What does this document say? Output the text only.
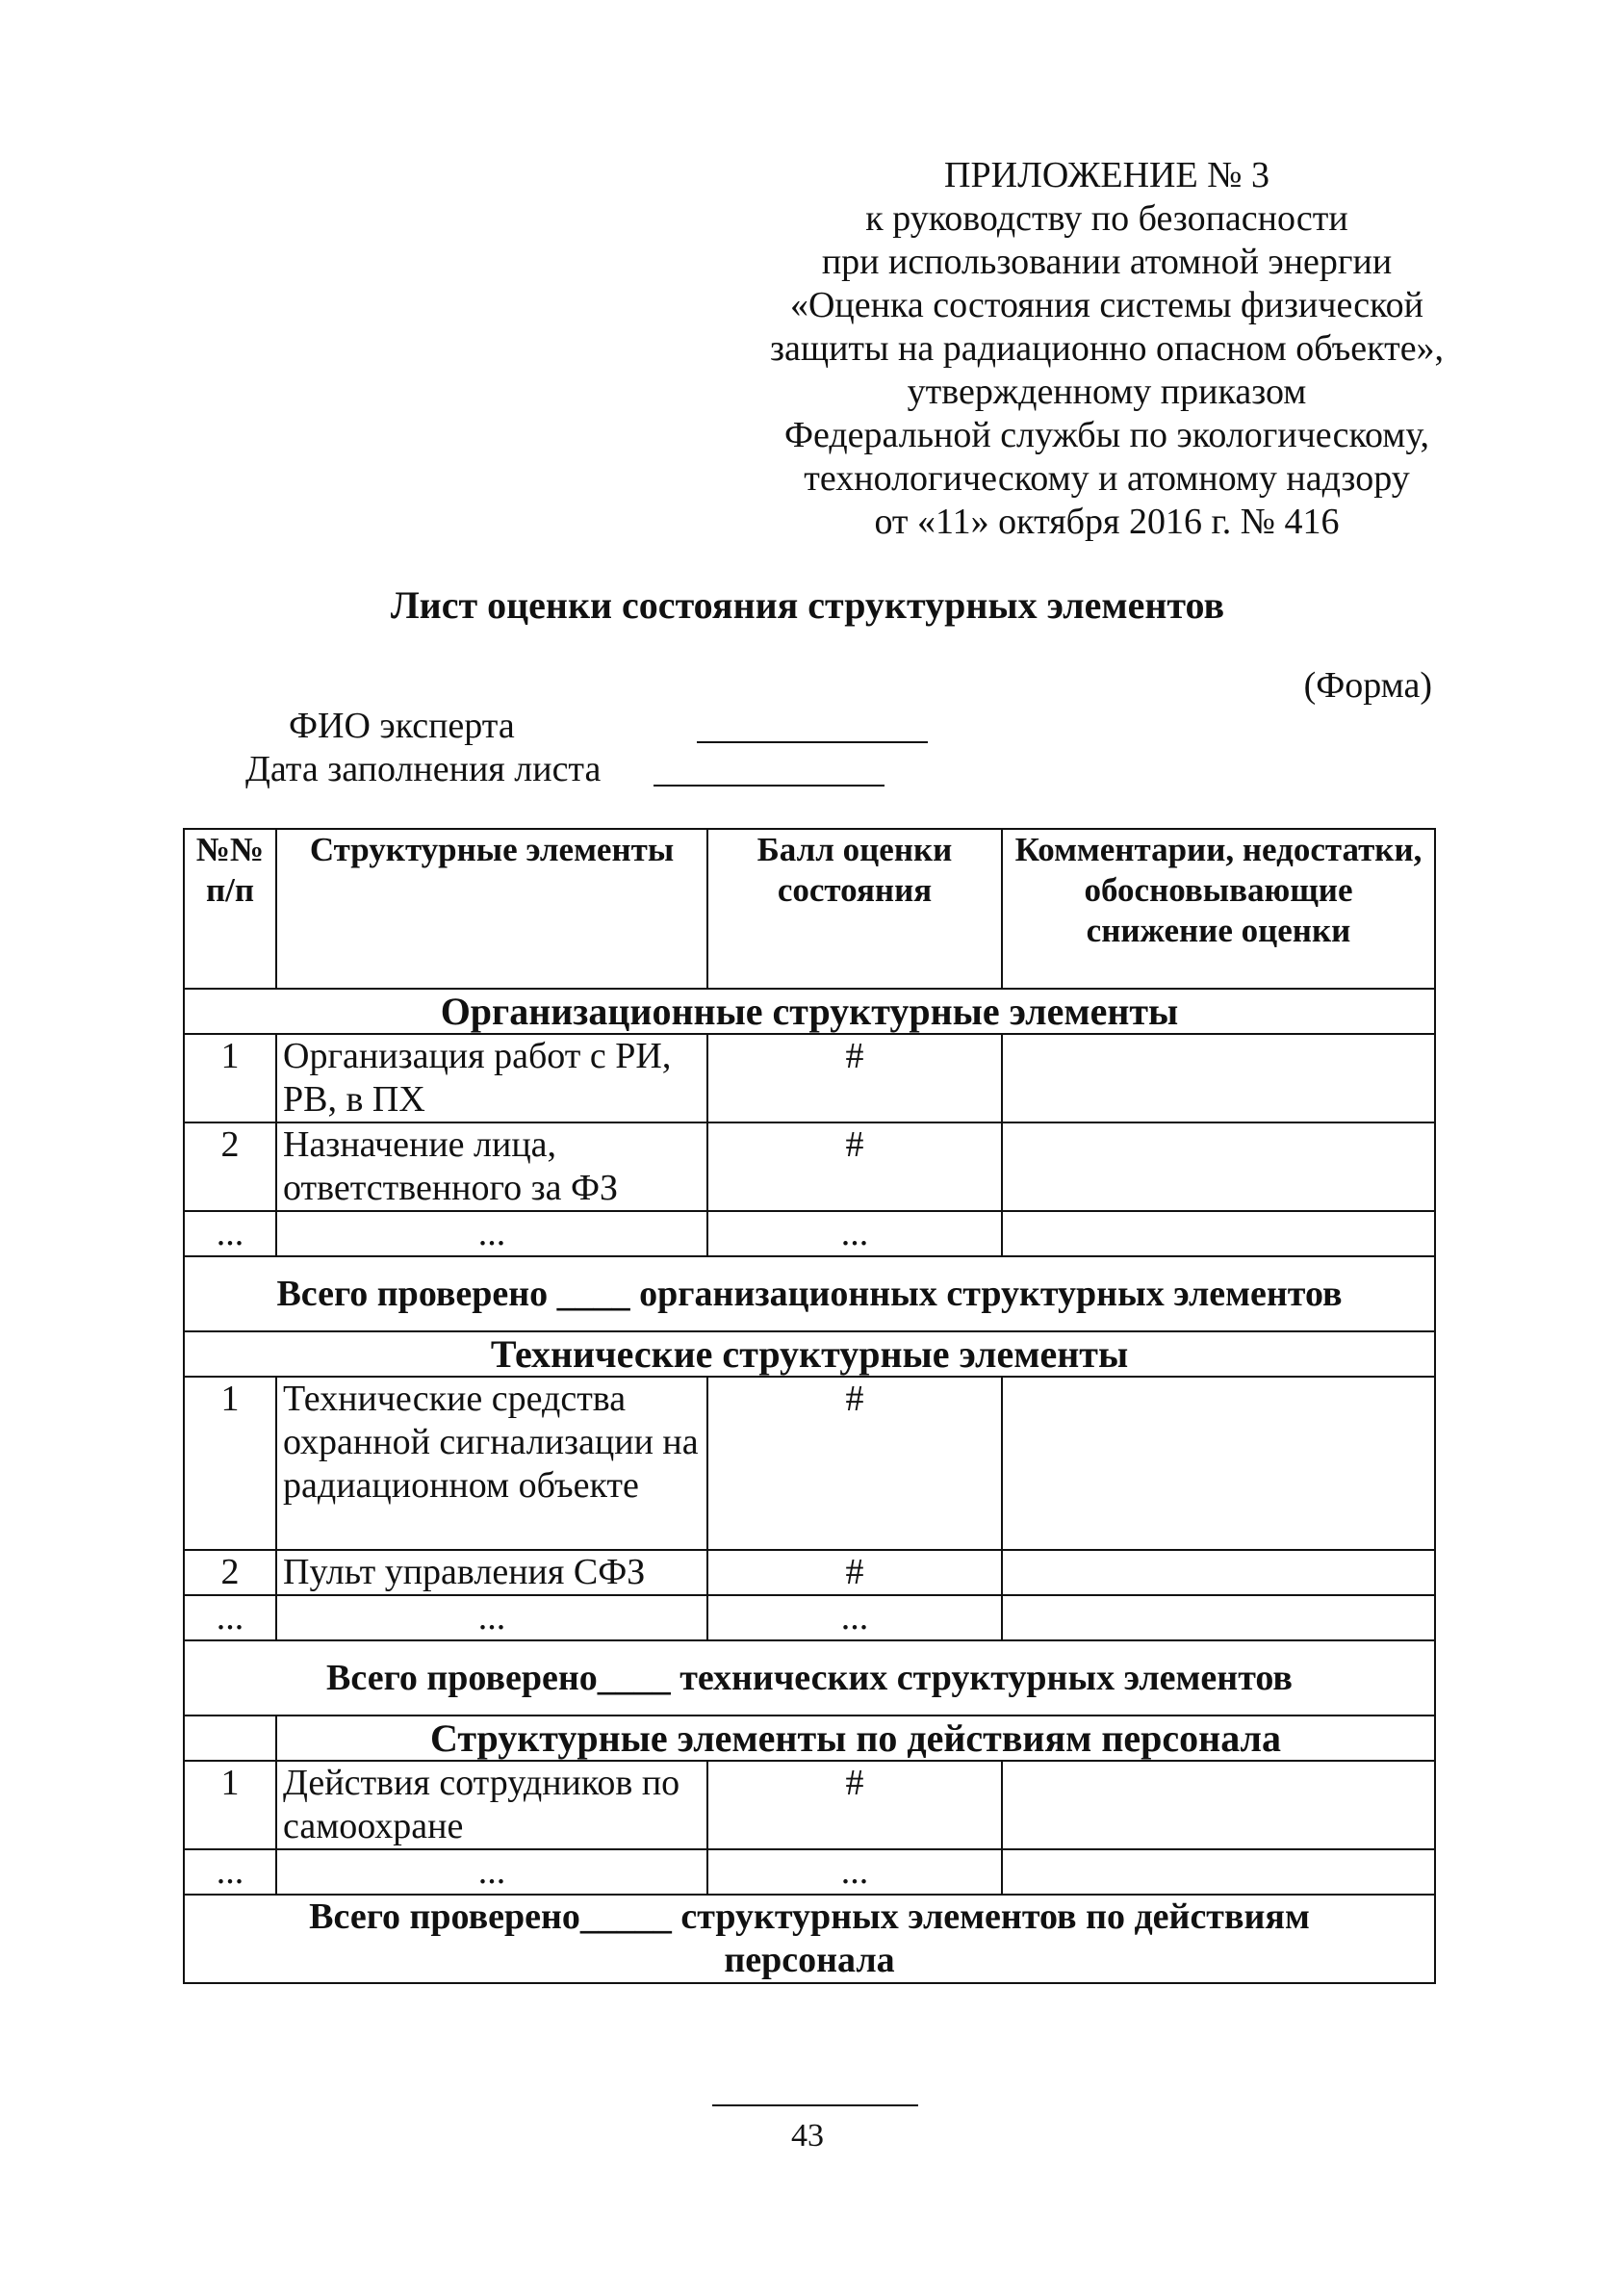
ПРИЛОЖЕНИЕ № 3
к руководству по безопасности
при использовании атомной энергии
«Оценка состояния системы физической
защиты на радиационно опасном объекте»,
утвержденному приказом
Федеральной службы по экологическому,
технологическому и атомному надзору
от «11» октября 2016 г. № 416
Лист оценки состояния структурных элементов
(Форма)
ФИО эксперта
Дата заполнения листа
№№ п/п	Структурные элементы	Балл оценки состояния	Комментарии, недостатки, обосновывающие снижение оценки
Организационные структурные элементы			
1	Организация работ с РИ, РВ, в ПХ	#	
2	Назначение лица, ответственного за ФЗ	#	
...	...	...	
Всего проверено ____ организационных структурных элементов			
Технические структурные элементы			
1	Технические средства охранной сигнализации на радиационном объекте	#	
2	Пульт управления СФЗ	#	
...	...	...	
Всего проверено____ технических структурных элементов			
	Структурные элементы по действиям персонала		
1	Действия сотрудников по самоохране	#	
...	...	...	
Всего проверено_____ структурных элементов по действиям персонала			
43
